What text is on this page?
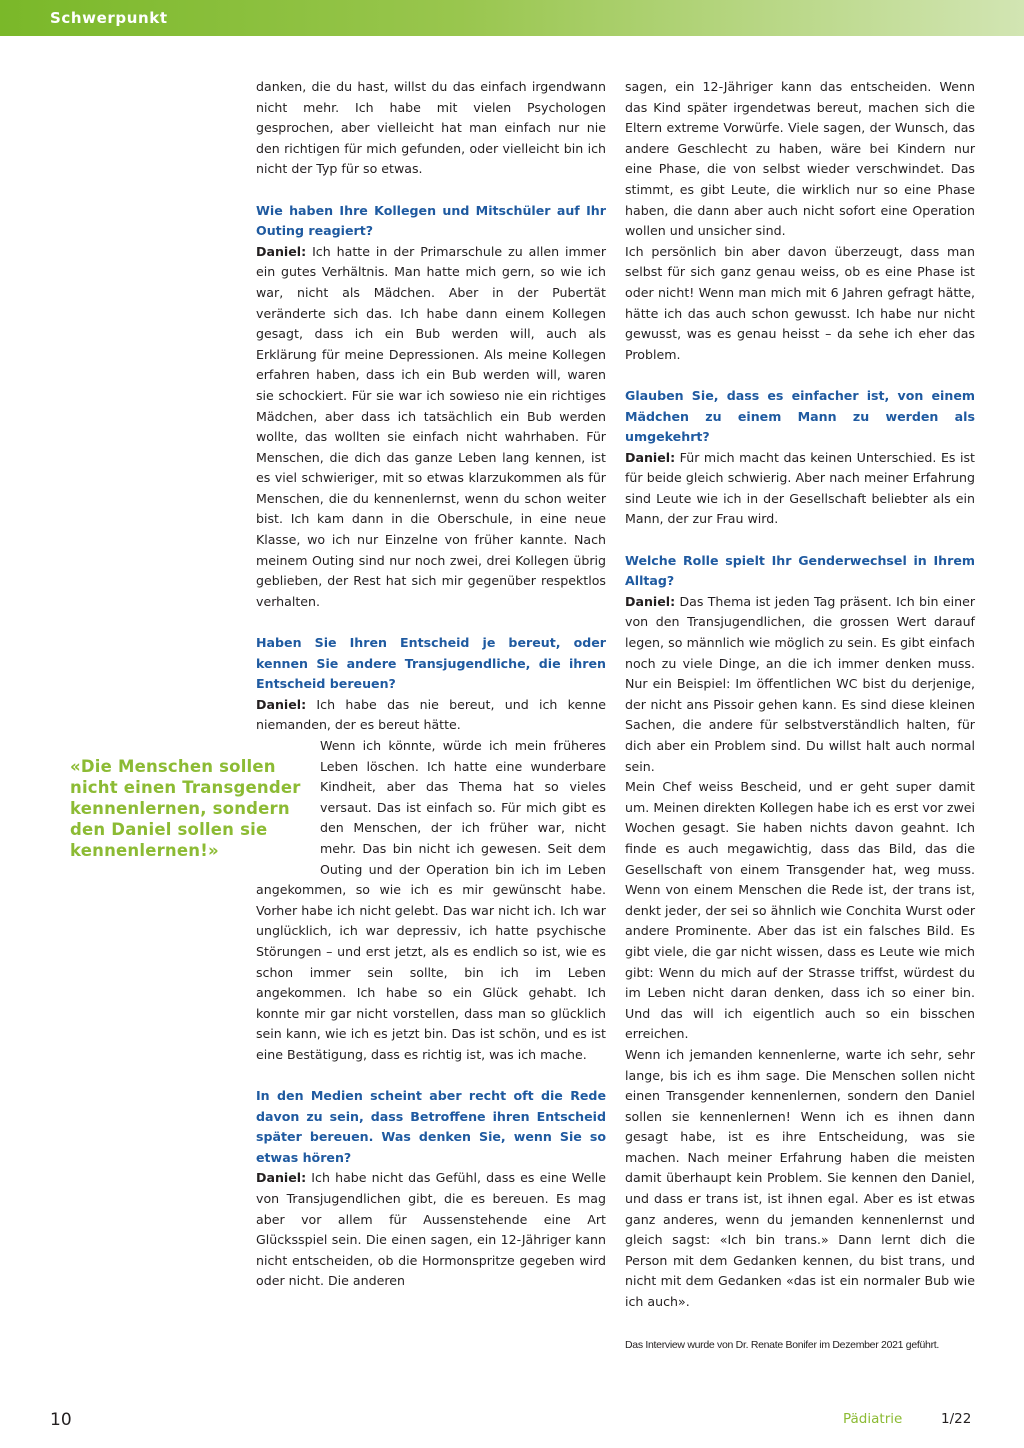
Schwerpunkt

danken, die du hast, willst du das einfach irgendwann nicht mehr. Ich habe mit vielen Psychologen gesprochen, aber vielleicht hat man einfach nur nie den richtigen für mich gefunden, oder vielleicht bin ich nicht der Typ für so etwas.

Wie haben Ihre Kollegen und Mitschüler auf Ihr Outing reagiert?

Daniel: Ich hatte in der Primarschule zu allen immer ein gutes Verhältnis. Man hatte mich gern, so wie ich war, nicht als Mädchen. Aber in der Pubertät veränderte sich das. Ich habe dann einem Kollegen gesagt, dass ich ein Bub werden will, auch als Erklärung für meine Depressionen. Als meine Kollegen erfahren haben, dass ich ein Bub werden will, waren sie schockiert. Für sie war ich sowieso nie ein richtiges Mädchen, aber dass ich tatsächlich ein Bub werden wollte, das wollten sie einfach nicht wahrhaben. Für Menschen, die dich das ganze Leben lang kennen, ist es viel schwieriger, mit so etwas klarzukommen als für Menschen, die du kennenlernst, wenn du schon weiter bist. Ich kam dann in die Oberschule, in eine neue Klasse, wo ich nur Einzelne von früher kannte. Nach meinem Outing sind nur noch zwei, drei Kollegen übrig geblieben, der Rest hat sich mir gegenüber respektlos verhalten.

Haben Sie Ihren Entscheid je bereut, oder kennen Sie andere Transjugendliche, die ihren Entscheid bereuen?

Daniel: Ich habe das nie bereut, und ich kenne niemanden, der es bereut hätte.

«Die Menschen sollen nicht einen Transgender kennenlernen, sondern den Daniel sollen sie kennenlernen!»

Wenn ich könnte, würde ich mein früheres Leben löschen. Ich hatte eine wunderbare Kindheit, aber das Thema hat so vieles versaut. Das ist einfach so. Für mich gibt es den Menschen, der ich früher war, nicht mehr. Das bin nicht ich gewesen. Seit dem Outing und der Operation bin ich im Leben angekommen, so wie ich es mir gewünscht habe. Vorher habe ich nicht gelebt. Das war nicht ich. Ich war unglücklich, ich war depressiv, ich hatte psychische Störungen – und erst jetzt, als es endlich so ist, wie es schon immer sein sollte, bin ich im Leben angekommen. Ich habe so ein Glück gehabt. Ich konnte mir gar nicht vorstellen, dass man so glücklich sein kann, wie ich es jetzt bin. Das ist schön, und es ist eine Bestätigung, dass es richtig ist, was ich mache.

In den Medien scheint aber recht oft die Rede davon zu sein, dass Betroffene ihren Entscheid später bereuen. Was denken Sie, wenn Sie so etwas hören?

Daniel: Ich habe nicht das Gefühl, dass es eine Welle von Transjugendlichen gibt, die es bereuen. Es mag aber vor allem für Aussenstehende eine Art Glücksspiel sein. Die einen sagen, ein 12-Jähriger kann nicht entscheiden, ob die Hormonspritze gegeben wird oder nicht. Die anderen

sagen, ein 12-Jähriger kann das entscheiden. Wenn das Kind später irgendetwas bereut, machen sich die Eltern extreme Vorwürfe. Viele sagen, der Wunsch, das andere Geschlecht zu haben, wäre bei Kindern nur eine Phase, die von selbst wieder verschwindet. Das stimmt, es gibt Leute, die wirklich nur so eine Phase haben, die dann aber auch nicht sofort eine Operation wollen und unsicher sind.

Ich persönlich bin aber davon überzeugt, dass man selbst für sich ganz genau weiss, ob es eine Phase ist oder nicht! Wenn man mich mit 6 Jahren gefragt hätte, hätte ich das auch schon gewusst. Ich habe nur nicht gewusst, was es genau heisst – da sehe ich eher das Problem.

Glauben Sie, dass es einfacher ist, von einem Mädchen zu einem Mann zu werden als umgekehrt?

Daniel: Für mich macht das keinen Unterschied. Es ist für beide gleich schwierig. Aber nach meiner Erfahrung sind Leute wie ich in der Gesellschaft beliebter als ein Mann, der zur Frau wird.

Welche Rolle spielt Ihr Genderwechsel in Ihrem Alltag?

Daniel: Das Thema ist jeden Tag präsent. Ich bin einer von den Transjugendlichen, die grossen Wert darauf legen, so männlich wie möglich zu sein. Es gibt einfach noch zu viele Dinge, an die ich immer denken muss. Nur ein Beispiel: Im öffentlichen WC bist du derjenige, der nicht ans Pissoir gehen kann. Es sind diese kleinen Sachen, die andere für selbstverständlich halten, für dich aber ein Problem sind. Du willst halt auch normal sein.

Mein Chef weiss Bescheid, und er geht super damit um. Meinen direkten Kollegen habe ich es erst vor zwei Wochen gesagt. Sie haben nichts davon geahnt. Ich finde es auch megawichtig, dass das Bild, das die Gesellschaft von einem Transgender hat, weg muss. Wenn von einem Menschen die Rede ist, der trans ist, denkt jeder, der sei so ähnlich wie Conchita Wurst oder andere Prominente. Aber das ist ein falsches Bild. Es gibt viele, die gar nicht wissen, dass es Leute wie mich gibt: Wenn du mich auf der Strasse triffst, würdest du im Leben nicht daran denken, dass ich so einer bin. Und das will ich eigentlich auch so ein bisschen erreichen.

Wenn ich jemanden kennenlerne, warte ich sehr, sehr lange, bis ich es ihm sage. Die Menschen sollen nicht einen Transgender kennenlernen, sondern den Daniel sollen sie kennenlernen! Wenn ich es ihnen dann gesagt habe, ist es ihre Entscheidung, was sie machen. Nach meiner Erfahrung haben die meisten damit überhaupt kein Problem. Sie kennen den Daniel, und dass er trans ist, ist ihnen egal. Aber es ist etwas ganz anderes, wenn du jemanden kennenlernst und gleich sagst: «Ich bin trans.» Dann lernt dich die Person mit dem Gedanken kennen, du bist trans, und nicht mit dem Gedanken «das ist ein normaler Bub wie ich auch».

Das Interview wurde von Dr. Renate Bonifer im Dezember 2021 geführt.

10	Pädiatrie	1/22
